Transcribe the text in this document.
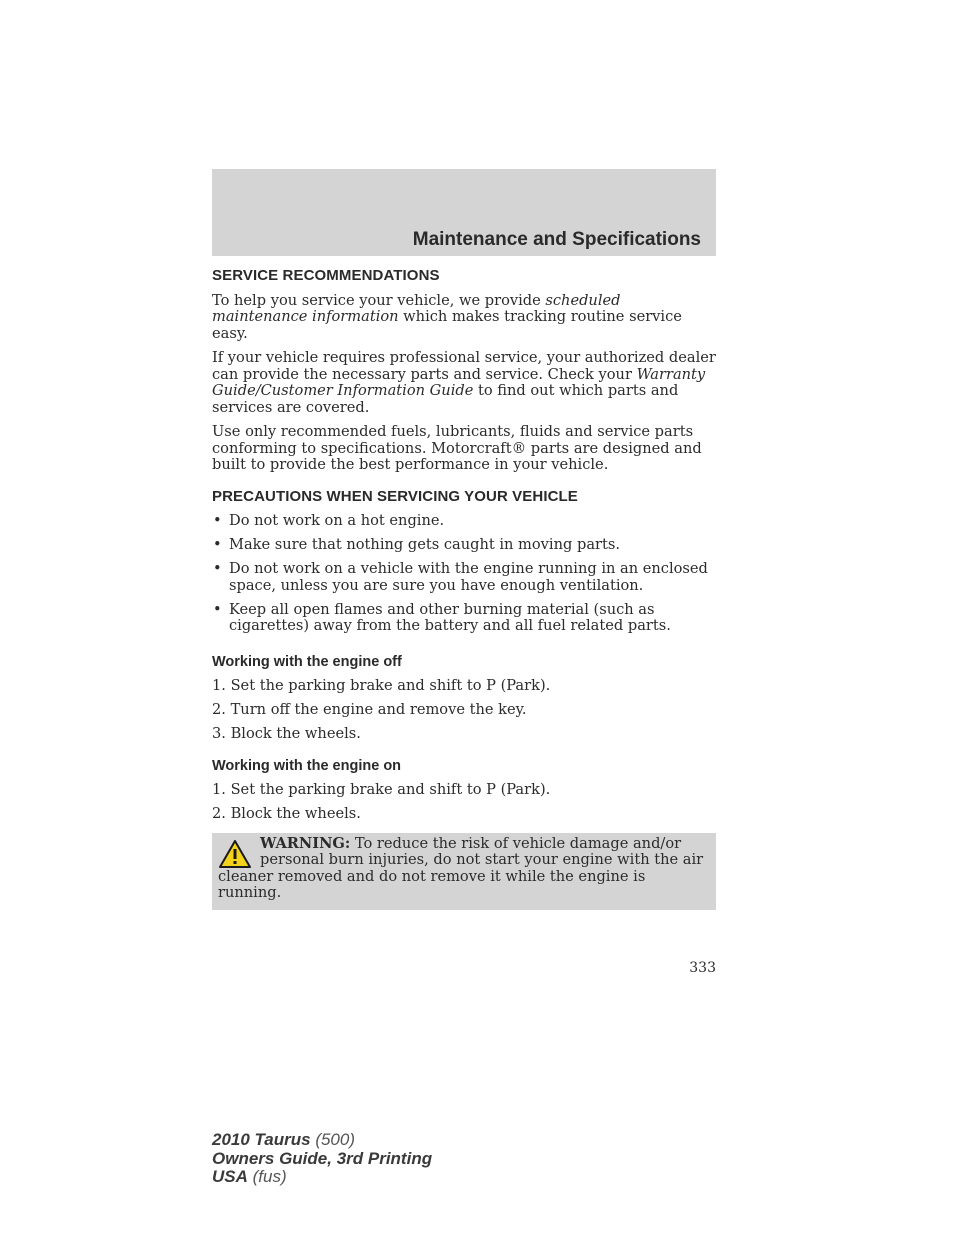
Maintenance and Specifications
SERVICE RECOMMENDATIONS

To help you service your vehicle, we provide scheduled maintenance information which makes tracking routine service easy.

If your vehicle requires professional service, your authorized dealer can provide the necessary parts and service. Check your Warranty Guide/Customer Information Guide to find out which parts and services are covered.

Use only recommended fuels, lubricants, fluids and service parts conforming to specifications. Motorcraft® parts are designed and built to provide the best performance in your vehicle.

PRECAUTIONS WHEN SERVICING YOUR VEHICLE
• Do not work on a hot engine.
• Make sure that nothing gets caught in moving parts.
• Do not work on a vehicle with the engine running in an enclosed space, unless you are sure you have enough ventilation.
• Keep all open flames and other burning material (such as cigarettes) away from the battery and all fuel related parts.
Working with the engine off
1. Set the parking brake and shift to P (Park).
2. Turn off the engine and remove the key.
3. Block the wheels.
Working with the engine on
1. Set the parking brake and shift to P (Park).
2. Block the wheels.
WARNING: To reduce the risk of vehicle damage and/or personal burn injuries, do not start your engine with the air cleaner removed and do not remove it while the engine is running.
333
2010 Taurus (500)
Owners Guide, 3rd Printing
USA (fus)
